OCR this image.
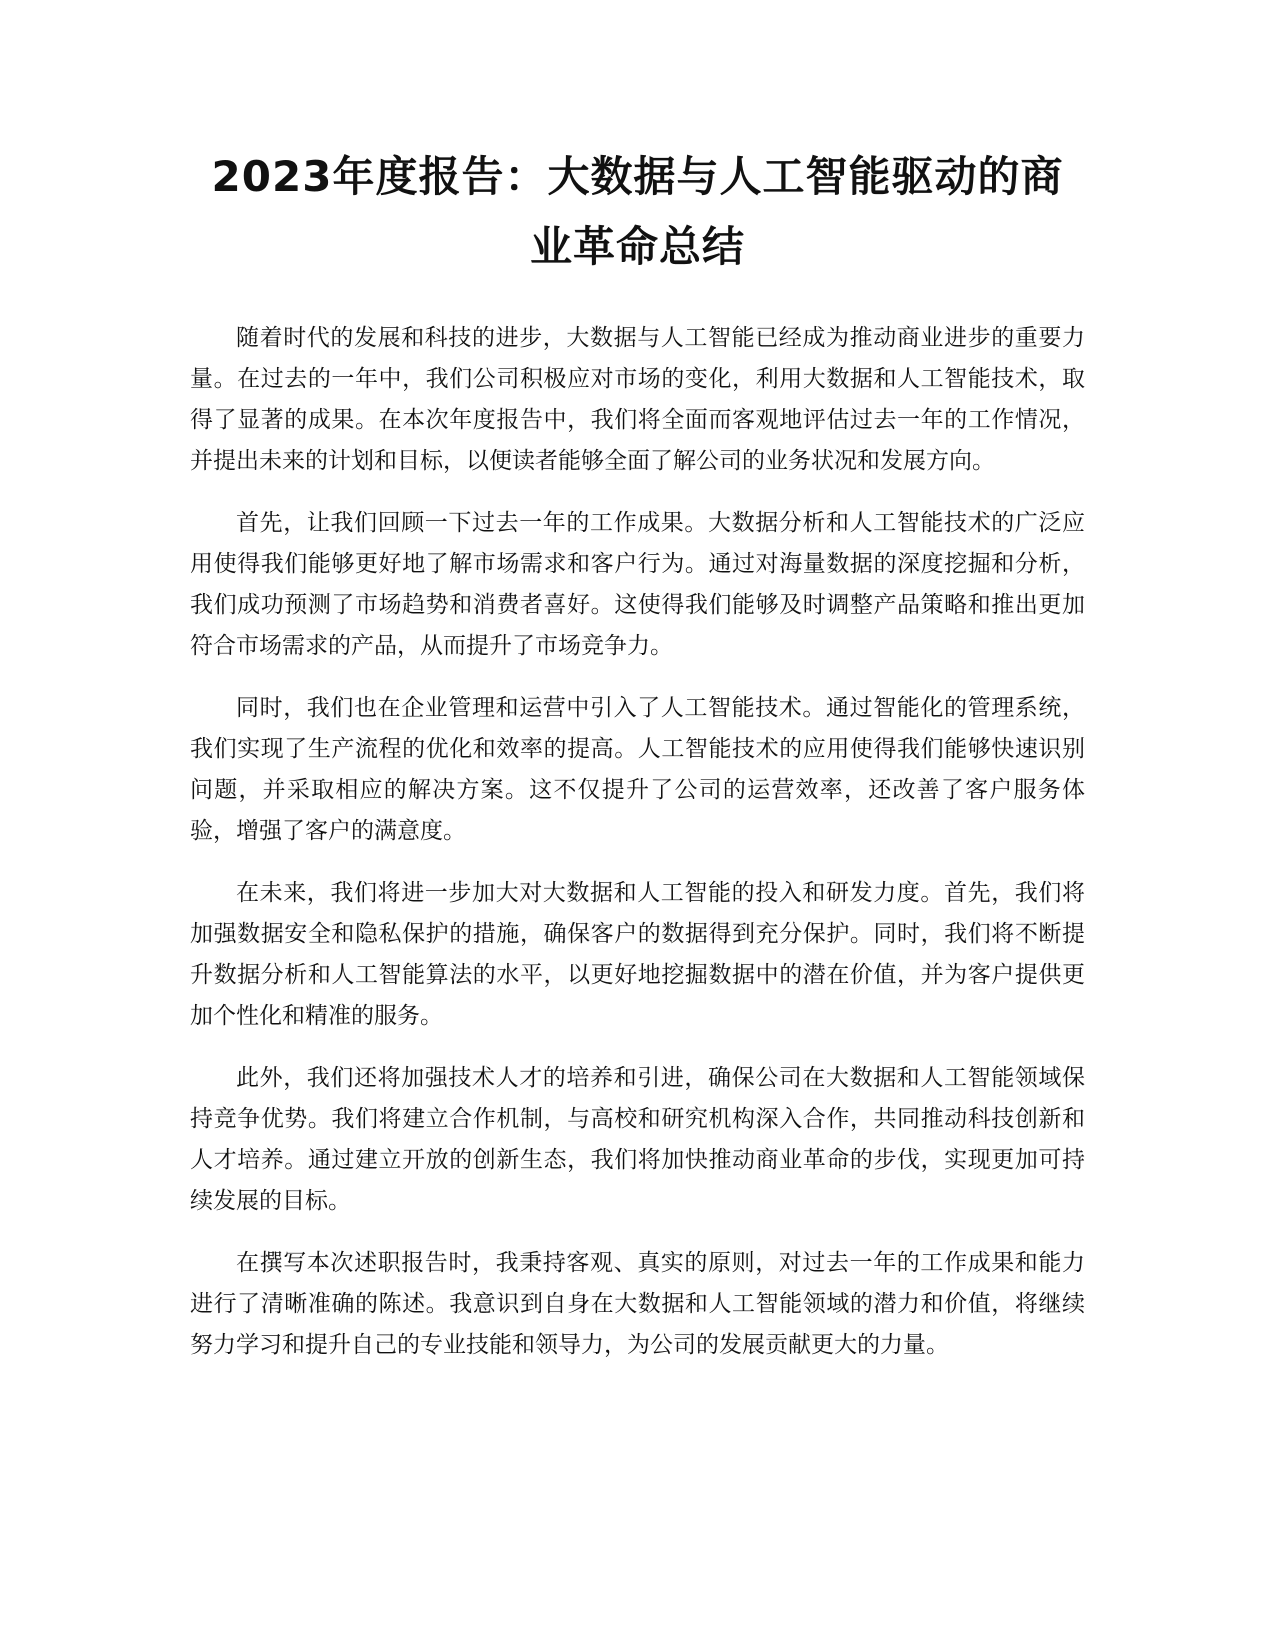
2023年度报告：大数据与人工智能驱动的商
业革命总结

随着时代的发展和科技的进步，大数据与人工智能已经成为推动商业进步的重要力量。在过去的一年中，我们公司积极应对市场的变化，利用大数据和人工智能技术，取得了显著的成果。在本次年度报告中，我们将全面而客观地评估过去一年的工作情况，并提出未来的计划和目标，以便读者能够全面了解公司的业务状况和发展方向。

首先，让我们回顾一下过去一年的工作成果。大数据分析和人工智能技术的广泛应用使得我们能够更好地了解市场需求和客户行为。通过对海量数据的深度挖掘和分析，我们成功预测了市场趋势和消费者喜好。这使得我们能够及时调整产品策略和推出更加符合市场需求的产品，从而提升了市场竞争力。

同时，我们也在企业管理和运营中引入了人工智能技术。通过智能化的管理系统，我们实现了生产流程的优化和效率的提高。人工智能技术的应用使得我们能够快速识别问题，并采取相应的解决方案。这不仅提升了公司的运营效率，还改善了客户服务体验，增强了客户的满意度。

在未来，我们将进一步加大对大数据和人工智能的投入和研发力度。首先，我们将加强数据安全和隐私保护的措施，确保客户的数据得到充分保护。同时，我们将不断提升数据分析和人工智能算法的水平，以更好地挖掘数据中的潜在价值，并为客户提供更加个性化和精准的服务。

此外，我们还将加强技术人才的培养和引进，确保公司在大数据和人工智能领域保持竞争优势。我们将建立合作机制，与高校和研究机构深入合作，共同推动科技创新和人才培养。通过建立开放的创新生态，我们将加快推动商业革命的步伐，实现更加可持续发展的目标。

在撰写本次述职报告时，我秉持客观、真实的原则，对过去一年的工作成果和能力进行了清晰准确的陈述。我意识到自身在大数据和人工智能领域的潜力和价值，将继续努力学习和提升自己的专业技能和领导力，为公司的发展贡献更大的力量。
